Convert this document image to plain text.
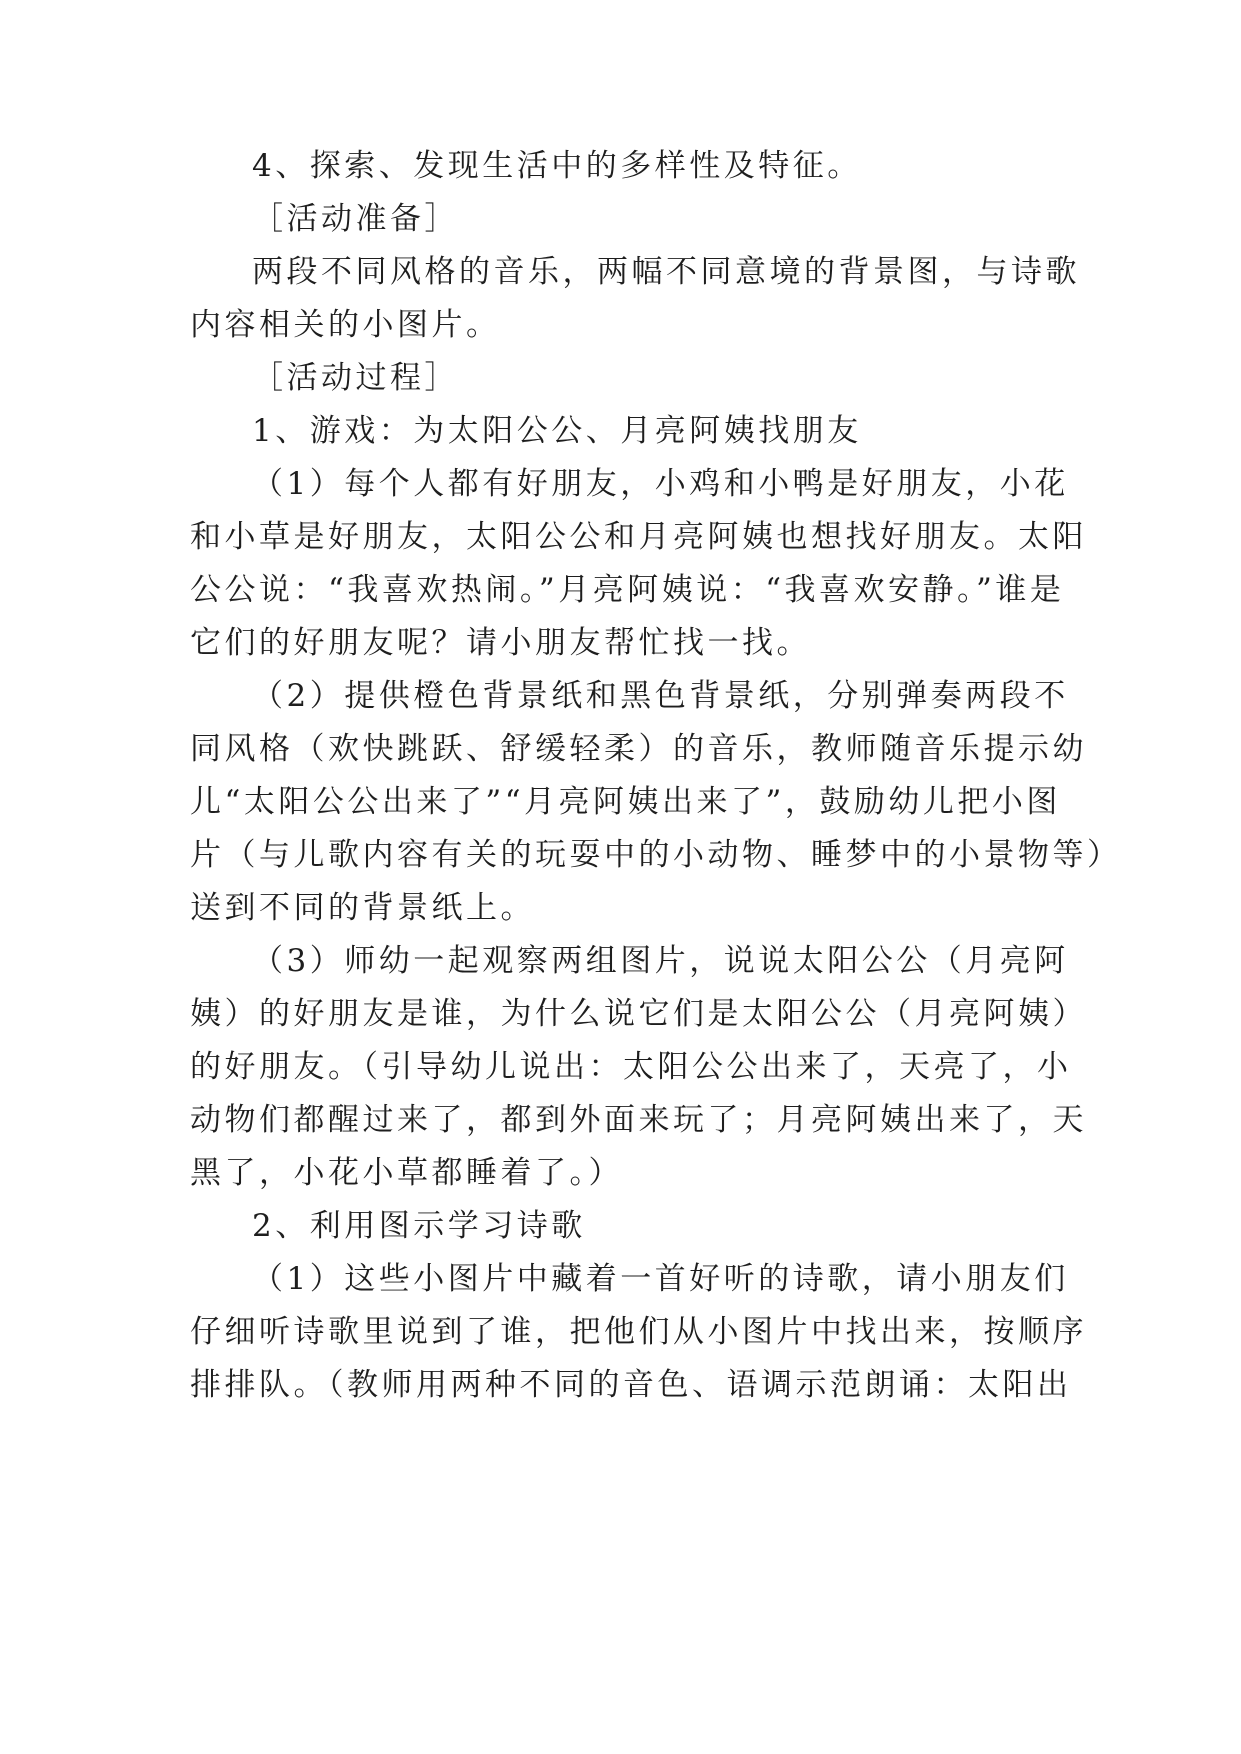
4、探索、发现生活中的多样性及特征。
［活动准备］
两段不同风格的音乐，两幅不同意境的背景图，与诗歌
内容相关的小图片。
［活动过程］
1、游戏：为太阳公公、月亮阿姨找朋友
（1）每个人都有好朋友，小鸡和小鸭是好朋友，小花
和小草是好朋友，太阳公公和月亮阿姨也想找好朋友。太阳
公公说：“我喜欢热闹。”月亮阿姨说：“我喜欢安静。”谁是
它们的好朋友呢？请小朋友帮忙找一找。
（2）提供橙色背景纸和黑色背景纸，分别弹奏两段不
同风格（欢快跳跃、舒缓轻柔）的音乐，教师随音乐提示幼
儿“太阳公公出来了”“月亮阿姨出来了”，鼓励幼儿把小图
片（与儿歌内容有关的玩耍中的小动物、睡梦中的小景物等）
送到不同的背景纸上。
（3）师幼一起观察两组图片，说说太阳公公（月亮阿
姨）的好朋友是谁，为什么说它们是太阳公公（月亮阿姨）
的好朋友。（引导幼儿说出：太阳公公出来了，天亮了，小
动物们都醒过来了，都到外面来玩了；月亮阿姨出来了，天
黑了，小花小草都睡着了。）
2、利用图示学习诗歌
（1）这些小图片中藏着一首好听的诗歌，请小朋友们
仔细听诗歌里说到了谁，把他们从小图片中找出来，按顺序
排排队。（教师用两种不同的音色、语调示范朗诵：太阳出
